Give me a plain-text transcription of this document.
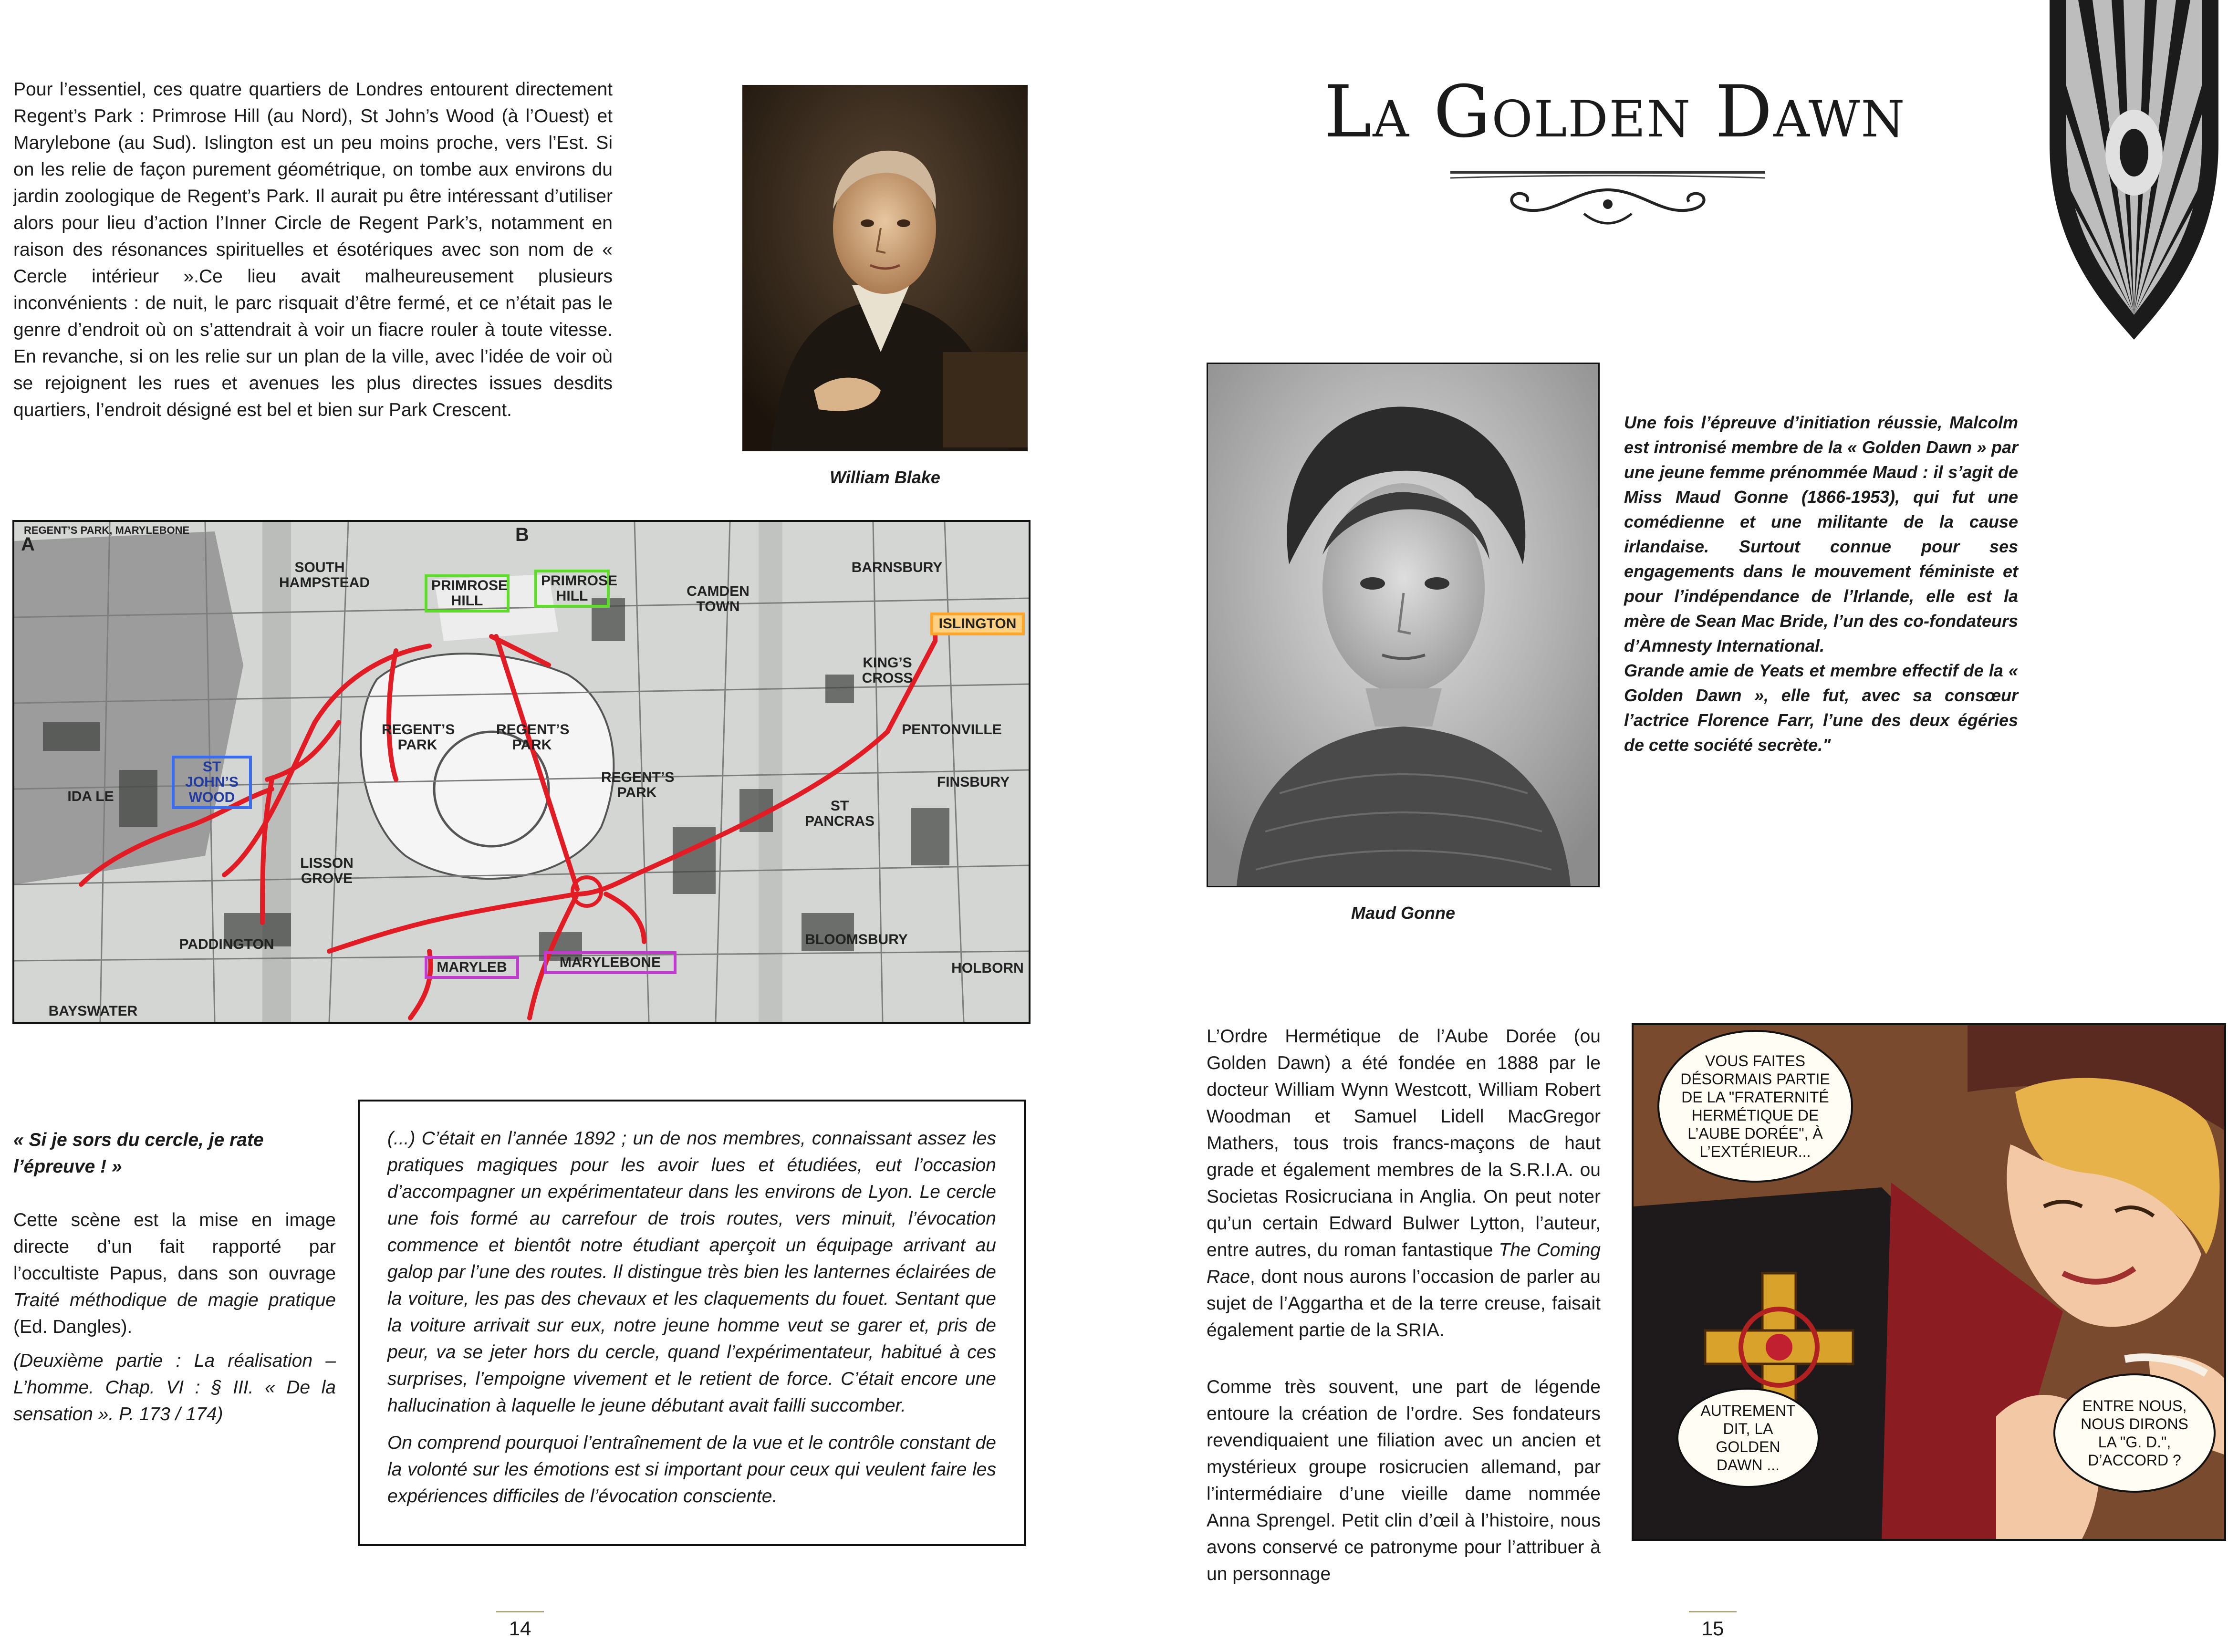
Pour l’essentiel, ces quatre quartiers de Londres entourent directement Regent’s Park : Primrose Hill (au Nord), St John’s Wood (à l’Ouest) et Marylebone (au Sud). Islington est un peu moins proche, vers l’Est. Si on les relie de façon purement géométrique, on tombe aux environs du jardin zoologique de Regent’s Park. Il aurait pu être intéressant d’utiliser alors pour lieu d’action l’Inner Circle de Regent Park’s, notamment en raison des résonances spirituelles et ésotériques avec son nom de « Cercle intérieur ».Ce lieu avait malheureusement plusieurs inconvénients : de nuit, le parc risquait d’être fermé, et ce n’était pas le genre d’endroit où on s’attendrait à voir un fiacre rouler à toute vitesse. En revanche, si on les relie sur un plan de la ville, avec l’idée de voir où se rejoignent les rues et avenues les plus directes issues desdits quartiers, l’endroit désigné est bel et bien sur Park Crescent.
William Blake
A	B
REGENT’S PARK, MARYLEBONE
SOUTH HAMPSTEAD	PRIMROSE HILL
PRIMROSE HILL	CAMDEN TOWN
BARNSBURY
ISLINGTON
KING’S CROSS
REGENT’S PARK
REGENT’S PARK
REGENT’S PARK
ST JOHN’S WOOD
PENTONVILLE
FINSBURY
ST PANCRAS
IDA LE
LISSON GROVE
PADDINGTON
MARYLEB	MARYLEBONE
BLOOMSBURY
HOLBORN
BAYSWATER
« Si je sors du cercle, je rate l’épreuve ! »
Cette scène est la mise en image directe d’un fait rapporté par l’occultiste Papus, dans son ouvrage Traité méthodique de magie pratique (Ed. Dangles).
(Deuxième partie : La réalisation – L’homme. Chap. VI : § III. « De la sensation ». P. 173 / 174)

(...) C’était en l’année 1892 ; un de nos membres, connaissant assez les pratiques magiques pour les avoir lues et étudiées, eut l’occasion d’accompagner un expérimentateur dans les environs de Lyon. Le cercle une fois formé au carrefour de trois routes, vers minuit, l’évocation commence et bientôt notre étudiant aperçoit un équipage arrivant au galop par l’une des routes. Il distingue très bien les lanternes éclairées de la voiture, les pas des chevaux et les claquements du fouet. Sentant que la voiture arrivait sur eux, notre jeune homme veut se garer et, pris de peur, va se jeter hors du cercle, quand l’expérimentateur, habitué à ces surprises, l’empoigne vivement et le retient de force. C’était encore une hallucination à laquelle le jeune débutant avait failli succomber.

On comprend pourquoi l’entraînement de la vue et le contrôle constant de la volonté sur les émotions est si important pour ceux qui veulent faire les expériences difficiles de l’évocation consciente.

14
La Golden Dawn
Maud Gonne

Une fois l’épreuve d’initiation réussie, Malcolm est intronisé membre de la « Golden Dawn » par une jeune femme prénommée Maud : il s’agit de Miss Maud Gonne (1866-1953), qui fut une comédienne et une militante de la cause irlandaise. Surtout connue pour ses engagements dans le mouvement féministe et pour l’indépendance de l’Irlande, elle est la mère de Sean Mac Bride, l’un des co-fondateurs d’Amnesty International.

Grande amie de Yeats et membre effectif de la « Golden Dawn », elle fut, avec sa consœur l’actrice Florence Farr, l’une des deux égéries de cette société secrète."

L’Ordre Hermétique de l’Aube Dorée (ou Golden Dawn) a été fondée en 1888 par le docteur William Wynn Westcott, William Robert Woodman et Samuel Lidell MacGregor Mathers, tous trois francs-maçons de haut grade et également membres de la S.R.I.A. ou Societas Rosicruciana in Anglia. On peut noter qu’un certain Edward Bulwer Lytton, l’auteur, entre autres, du roman fantastique The Coming Race, dont nous aurons l’occasion de parler au sujet de l’Aggartha et de la terre creuse, faisait également partie de la SRIA.
Comme très souvent, une part de légende entoure la création de l’ordre. Ses fondateurs revendiquaient une filiation avec un ancien et mystérieux groupe rosicrucien allemand, par l’intermédiaire d’une vieille dame nommée Anna Sprengel. Petit clin d’œil à l’histoire, nous avons conservé ce patronyme pour l’attribuer à un personnage
VOUS FAITES DÉSORMAIS PARTIE DE LA "FRATERNITÉ HERMÉTIQUE DE L’AUBE DORÉE", À L’EXTÉRIEUR...
AUTREMENT DIT, LA GOLDEN DAWN ...
ENTRE NOUS, NOUS DIRONS LA "G. D.", D’ACCORD ?
15
